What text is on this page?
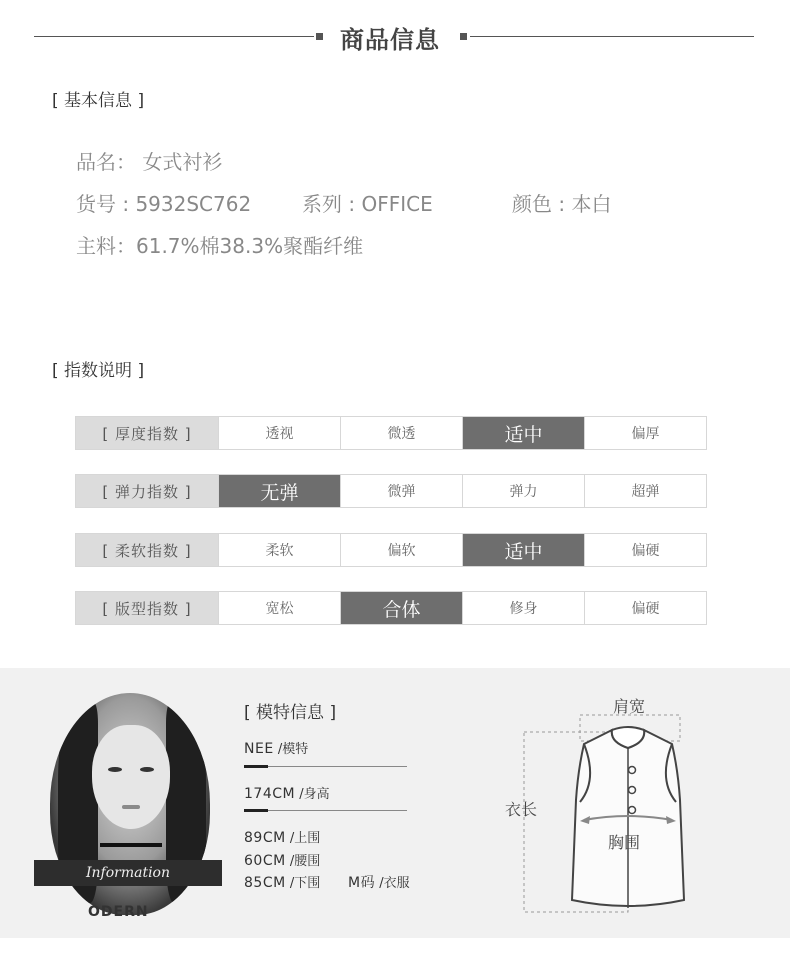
商品信息
[ 基本信息 ]
品名： 女式衬衫
货号 : 5932SC762	系列 : OFFICE	颜色 : 本白
主料：61.7%棉38.3%聚酯纤维
[ 指数说明 ]
[ 厚度指数 ]	透视	微透	适中	偏厚
[ 弹力指数 ]	无弹	微弹	弹力	超弹
[ 柔软指数 ]	柔软	偏软	适中	偏硬
[ 版型指数 ]	宽松	合体	修身	偏硬
Information
ODERN
[ 模特信息 ]
NEE /模特
174CM /身高
89CM /上围
60CM /腰围
85CM /下围 M码 /衣服
肩宽
衣长
胸围
